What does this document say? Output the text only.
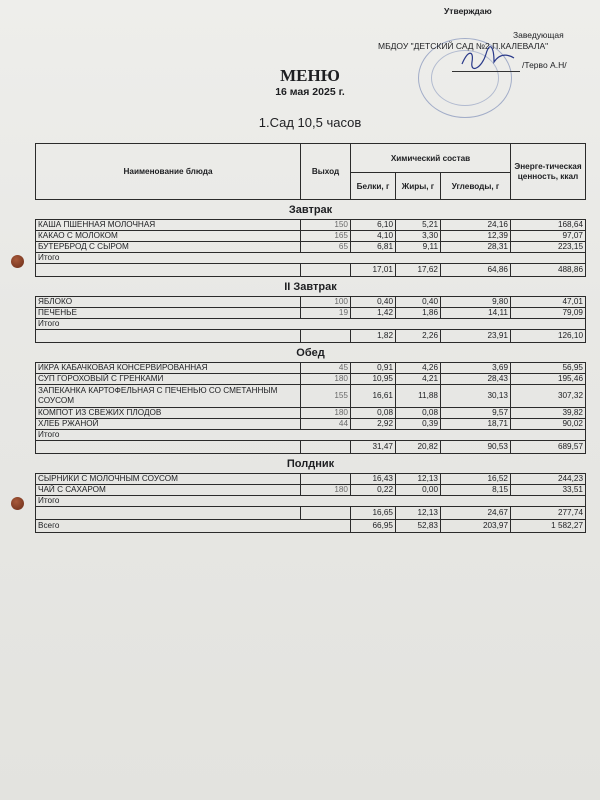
Утверждаю
Заведующая
МБДОУ "ДЕТСКИЙ САД №2 П.КАЛЕВАЛА"
/Терво А.Н/
МЕНЮ
16 мая 2025 г.
1.Сад 10,5 часов
Наименование блюда	Выход	Химический состав			Энерге-тическая ценность, ккал
		Белки, г	Жиры, г	Углеводы, г	
Завтрак					
КАША ПШЕННАЯ МОЛОЧНАЯ	150	6,10	5,21	24,16	168,64
КАКАО С МОЛОКОМ	165	4,10	3,30	12,39	97,07
БУТЕРБРОД С СЫРОМ	65	6,81	9,11	28,31	223,15
Итого					
		17,01	17,62	64,86	488,86
II Завтрак					
ЯБЛОКО	100	0,40	0,40	9,80	47,01
ПЕЧЕНЬЕ	19	1,42	1,86	14,11	79,09
Итого					
		1,82	2,26	23,91	126,10
Обед					
ИКРА КАБАЧКОВАЯ КОНСЕРВИРОВАННАЯ	45	0,91	4,26	3,69	56,95
СУП ГОРОХОВЫЙ С ГРЕНКАМИ	180	10,95	4,21	28,43	195,46
ЗАПЕКАНКА КАРТОФЕЛЬНАЯ С ПЕЧЕНЬЮ СО СМЕТАННЫМ СОУСОМ	155	16,61	11,88	30,13	307,32
КОМПОТ ИЗ СВЕЖИХ ПЛОДОВ	180	0,08	0,08	9,57	39,82
ХЛЕБ РЖАНОЙ	44	2,92	0,39	18,71	90,02
Итого					
		31,47	20,82	90,53	689,57
Полдник					
СЫРНИКИ С МОЛОЧНЫМ СОУСОМ		16,43	12,13	16,52	244,23
ЧАЙ С САХАРОМ	180	0,22	0,00	8,15	33,51
Итого					
		16,65	12,13	24,67	277,74
Всего		66,95	52,83	203,97	1 582,27
